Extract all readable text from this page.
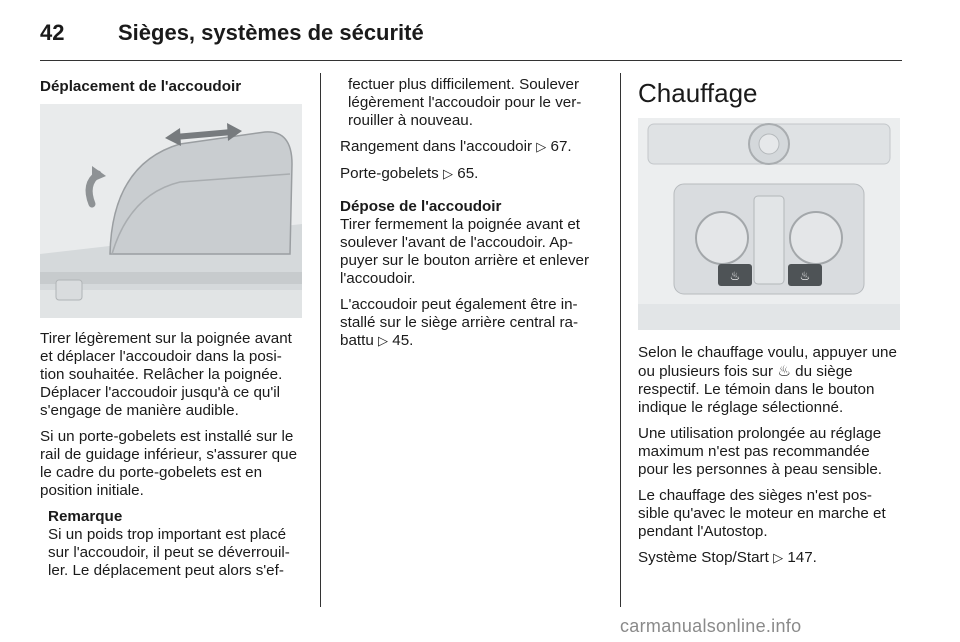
42	Sièges, systèmes de sécurité

Déplacement de l'accoudoir

Tirer légèrement sur la poignée avant et déplacer l'accoudoir dans la posi-tion souhaitée. Relâcher la poignée. Déplacer l'accoudoir jusqu'à ce qu'il s'engage de manière audible.

Si un porte-gobelets est installé sur le rail de guidage inférieur, s'assurer que le cadre du porte-gobelets est en position initiale.

Remarque
Si un poids trop important est placé sur l'accoudoir, il peut se déverrouil-ler. Le déplacement peut alors s'ef-

fectuer plus difficilement. Soulever légèrement l'accoudoir pour le ver-rouiller à nouveau.

Rangement dans l'accoudoir ▷ 67.

Porte-gobelets ▷ 65.

Dépose de l'accoudoir

Tirer fermement la poignée avant et soulever l'avant de l'accoudoir. Ap-puyer sur le bouton arrière et enlever l'accoudoir.

L'accoudoir peut également être in-stallé sur le siège arrière central ra-battu ▷ 45.

Chauffage
♨	♨

Selon le chauffage voulu, appuyer une ou plusieurs fois sur ♨ du siège respectif. Le témoin dans le bouton indique le réglage sélectionné.

Une utilisation prolongée au réglage maximum n'est pas recommandée pour les personnes à peau sensible.

Le chauffage des sièges n'est pos-sible qu'avec le moteur en marche et pendant l'Autostop.

Système Stop/Start ▷ 147.

carmanualsonline.info
